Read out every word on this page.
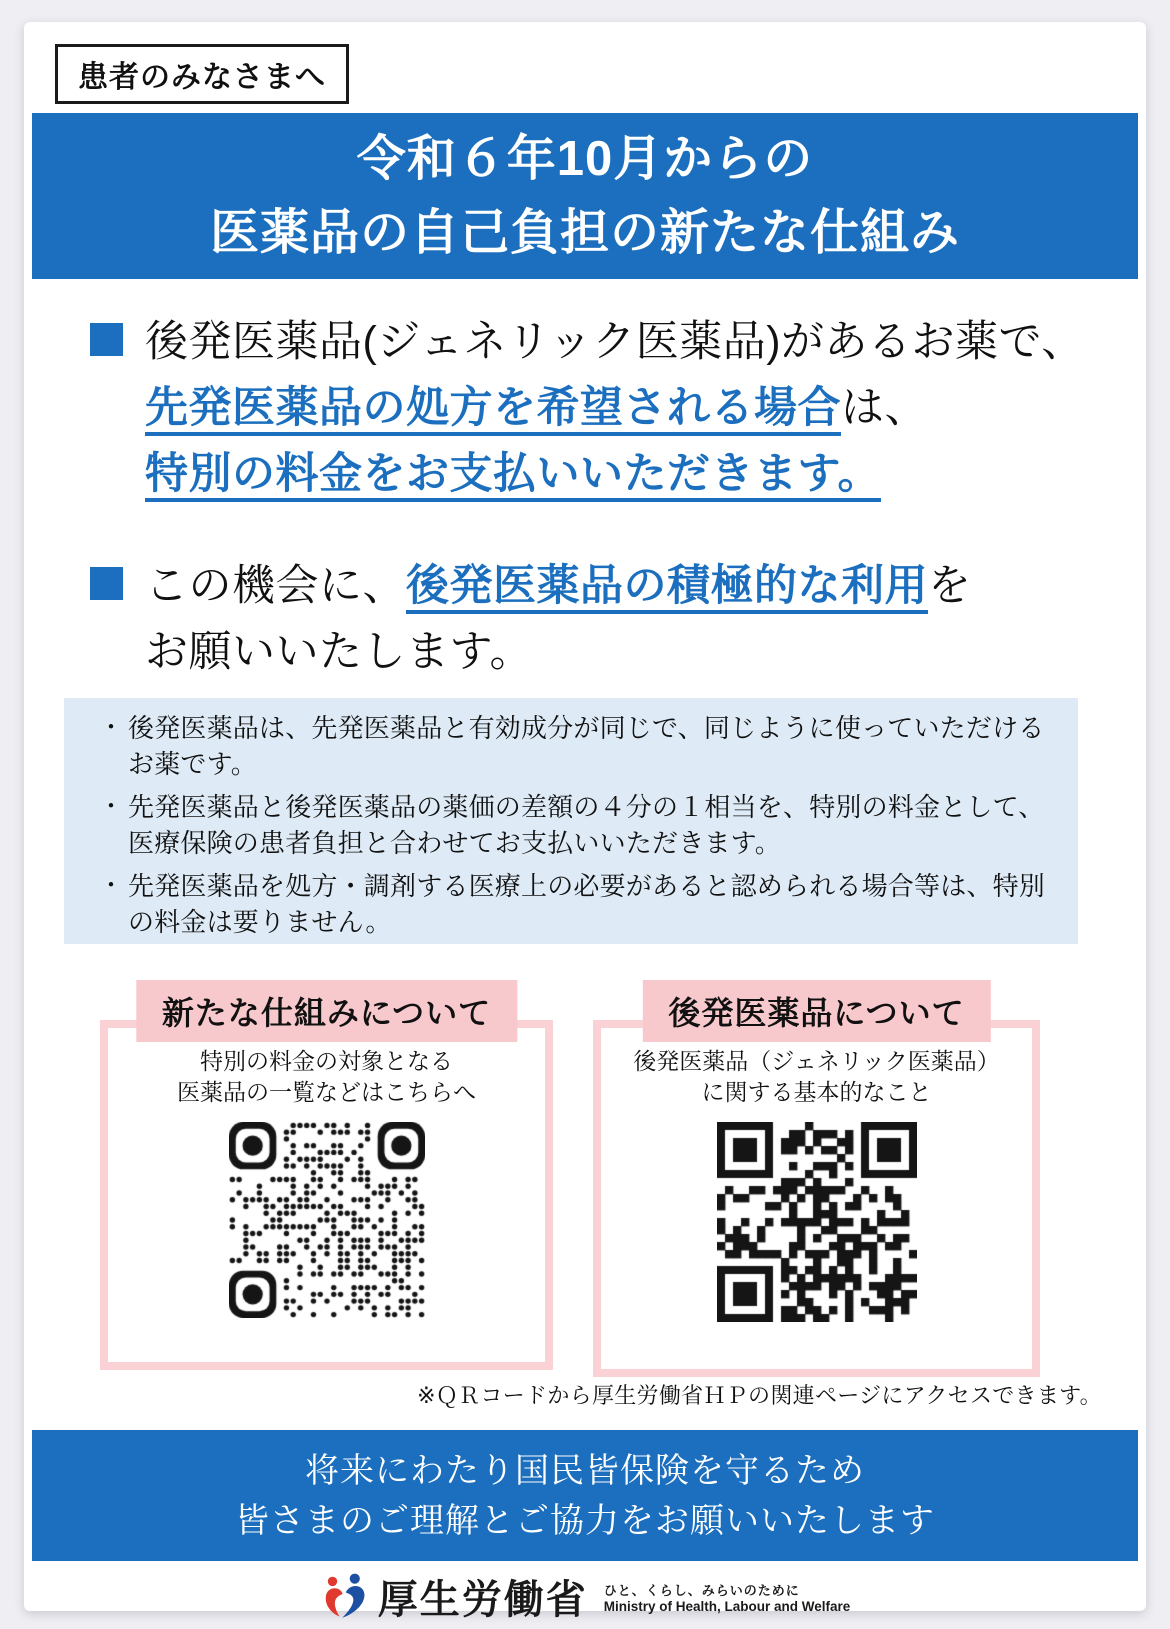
患者のみなさまへ
令和６年10月からの
医薬品の自己負担の新たな仕組み
後発医薬品(ジェネリック医薬品)があるお薬で、
先発医薬品の処方を希望される場合は、
特別の料金をお支払いいただきます。
この機会に、後発医薬品の積極的な利用を
お願いいたします。
・ 後発医薬品は、先発医薬品と有効成分が同じで、同じように使っていただけるお薬です。

・ 先発医薬品と後発医薬品の薬価の差額の４分の１相当を、特別の料金として、医療保険の患者負担と合わせてお支払いいただきます。

・ 先発医薬品を処方・調剤する医療上の必要があると認められる場合等は、特別の料金は要りません。

新たな仕組みについて
特別の料金の対象となる
医薬品の一覧などはこちらへ
後発医薬品について
後発医薬品（ジェネリック医薬品）
に関する基本的なこと
※ＱＲコードから厚生労働省ＨＰの関連ページにアクセスできます。
将来にわたり国民皆保険を守るため
皆さまのご理解とご協力をお願いいたします
厚生労働省 ひと、くらし、みらいのために
Ministry of Health, Labour and Welfare
